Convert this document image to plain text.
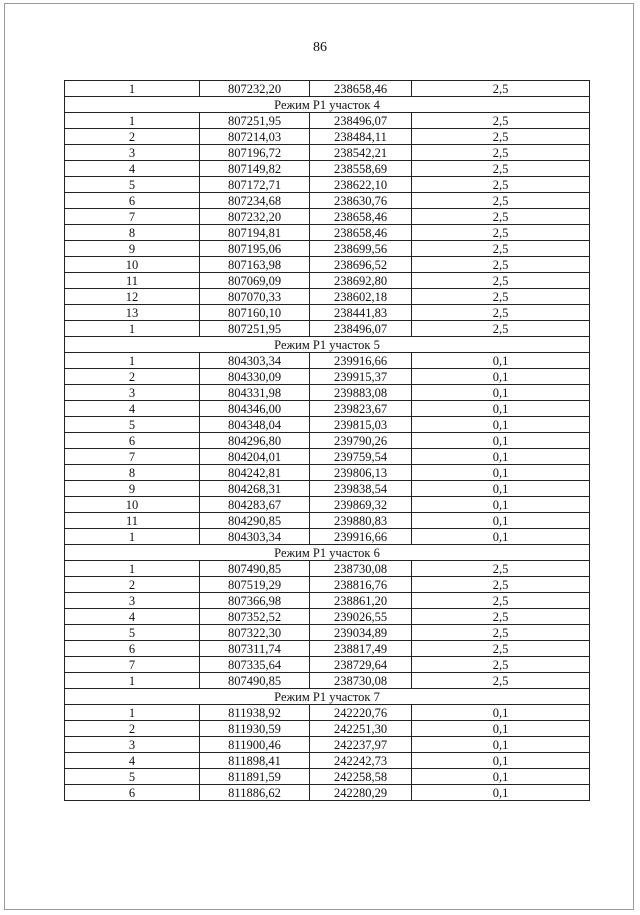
86
1	807232,20	238658,46	2,5
Режим Р1 участок 4			
1	807251,95	238496,07	2,5
2	807214,03	238484,11	2,5
3	807196,72	238542,21	2,5
4	807149,82	238558,69	2,5
5	807172,71	238622,10	2,5
6	807234,68	238630,76	2,5
7	807232,20	238658,46	2,5
8	807194,81	238658,46	2,5
9	807195,06	238699,56	2,5
10	807163,98	238696,52	2,5
11	807069,09	238692,80	2,5
12	807070,33	238602,18	2,5
13	807160,10	238441,83	2,5
1	807251,95	238496,07	2,5
Режим Р1 участок 5			
1	804303,34	239916,66	0,1
2	804330,09	239915,37	0,1
3	804331,98	239883,08	0,1
4	804346,00	239823,67	0,1
5	804348,04	239815,03	0,1
6	804296,80	239790,26	0,1
7	804204,01	239759,54	0,1
8	804242,81	239806,13	0,1
9	804268,31	239838,54	0,1
10	804283,67	239869,32	0,1
11	804290,85	239880,83	0,1
1	804303,34	239916,66	0,1
Режим Р1 участок 6			
1	807490,85	238730,08	2,5
2	807519,29	238816,76	2,5
3	807366,98	238861,20	2,5
4	807352,52	239026,55	2,5
5	807322,30	239034,89	2,5
6	807311,74	238817,49	2,5
7	807335,64	238729,64	2,5
1	807490,85	238730,08	2,5
Режим Р1 участок 7			
1	811938,92	242220,76	0,1
2	811930,59	242251,30	0,1
3	811900,46	242237,97	0,1
4	811898,41	242242,73	0,1
5	811891,59	242258,58	0,1
6	811886,62	242280,29	0,1
